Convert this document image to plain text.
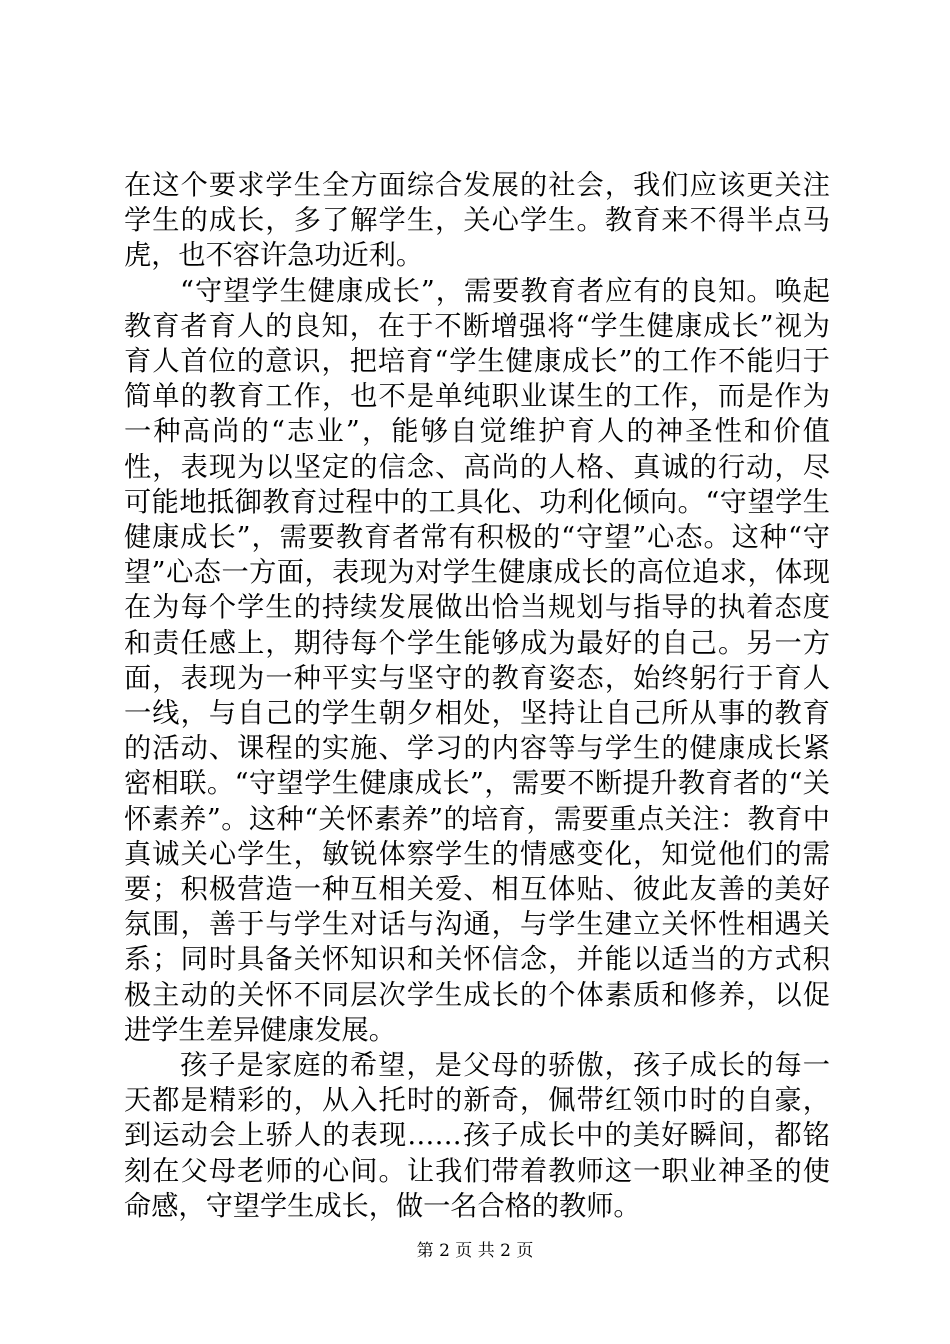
在这个要求学生全方面综合发展的社会，我们应该更关注学生的成长，多了解学生，关心学生。教育来不得半点马虎，也不容许急功近利。

“守望学生健康成长”，需要教育者应有的良知。唤起教育者育人的良知，在于不断增强将“学生健康成长”视为育人首位的意识，把培育“学生健康成长”的工作不能归于简单的教育工作，也不是单纯职业谋生的工作，而是作为一种高尚的“志业”，能够自觉维护育人的神圣性和价值性，表现为以坚定的信念、高尚的人格、真诚的行动，尽可能地抵御教育过程中的工具化、功利化倾向。“守望学生健康成长”，需要教育者常有积极的“守望”心态。这种“守望”心态一方面，表现为对学生健康成长的高位追求，体现在为每个学生的持续发展做出恰当规划与指导的执着态度和责任感上，期待每个学生能够成为最好的自己。另一方面，表现为一种平实与坚守的教育姿态，始终躬行于育人一线，与自己的学生朝夕相处，坚持让自己所从事的教育的活动、课程的实施、学习的内容等与学生的健康成长紧密相联。“守望学生健康成长”，需要不断提升教育者的“关怀素养”。这种“关怀素养”的培育，需要重点关注：教育中真诚关心学生，敏锐体察学生的情感变化，知觉他们的需要；积极营造一种互相关爱、相互体贴、彼此友善的美好氛围，善于与学生对话与沟通，与学生建立关怀性相遇关系；同时具备关怀知识和关怀信念，并能以适当的方式积极主动的关怀不同层次学生成长的个体素质和修养，以促进学生差异健康发展。

孩子是家庭的希望，是父母的骄傲，孩子成长的每一天都是精彩的，从入托时的新奇，佩带红领巾时的自豪，到运动会上骄人的表现……孩子成长中的美好瞬间，都铭刻在父母老师的心间。让我们带着教师这一职业神圣的使命感，守望学生成长，做一名合格的教师。

第 2 页 共 2 页
